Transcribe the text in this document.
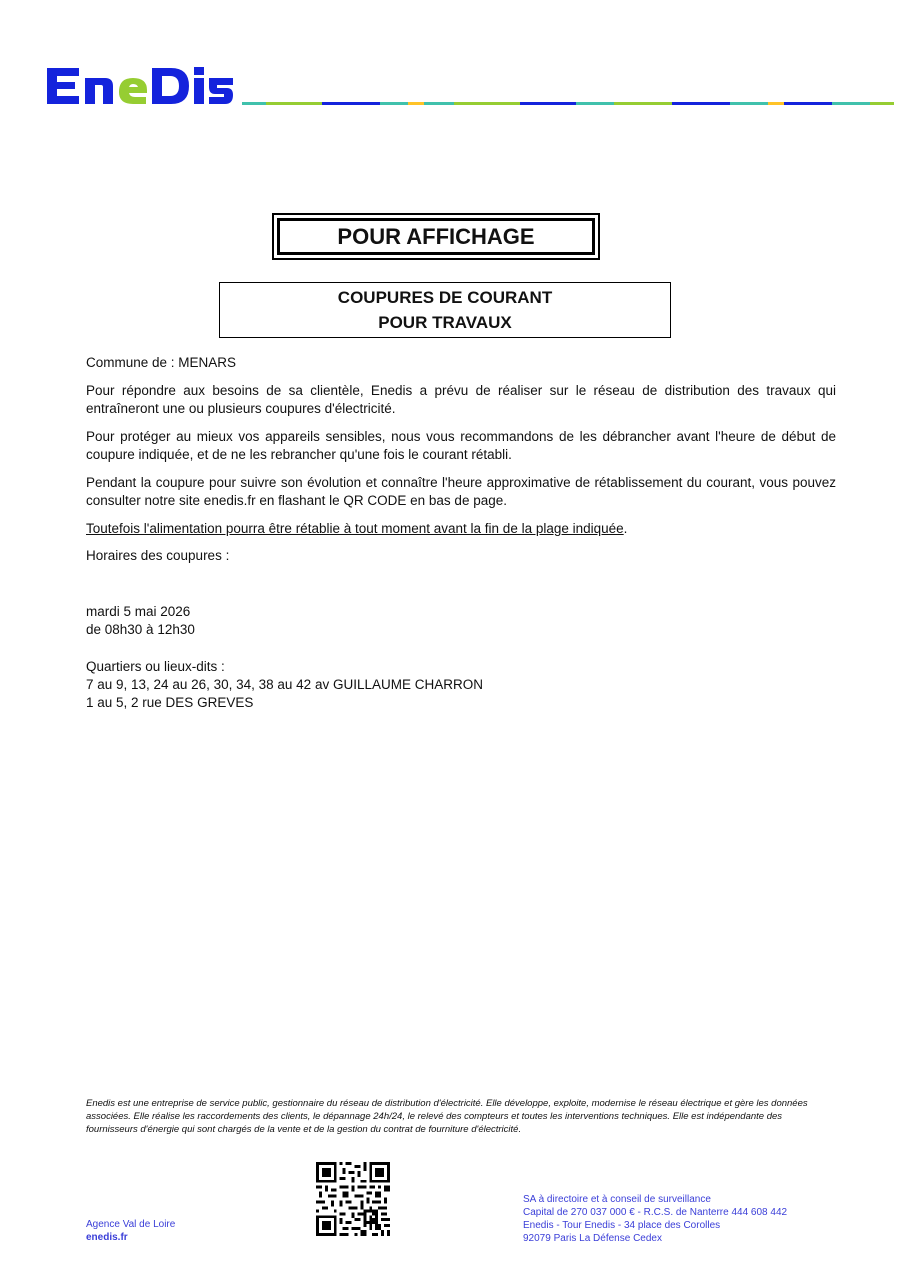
POUR AFFICHAGE
COUPURES DE COURANT
POUR TRAVAUX
Commune de : MENARS
Pour répondre aux besoins de sa clientèle, Enedis a prévu de réaliser sur le réseau de distribution des travaux qui entraîneront une ou plusieurs coupures d'électricité.
Pour protéger au mieux vos appareils sensibles, nous vous recommandons de les débrancher avant l'heure de début de coupure indiquée, et de ne les rebrancher qu'une fois le courant rétabli.
Pendant la coupure pour suivre son évolution et connaître l'heure approximative de rétablissement du courant, vous pouvez consulter notre site enedis.fr en flashant le QR CODE en bas de page.
Toutefois l'alimentation pourra être rétablie à tout moment avant la fin de la plage indiquée.
Horaires des coupures :
mardi 5 mai 2026
de 08h30 à 12h30
Quartiers ou lieux-dits :
7 au 9, 13, 24 au 26, 30, 34, 38 au 42 av GUILLAUME CHARRON
1 au 5, 2 rue DES GREVES
Enedis est une entreprise de service public, gestionnaire du réseau de distribution d'électricité. Elle développe, exploite, modernise le réseau électrique et gère les données associées. Elle réalise les raccordements des clients, le dépannage 24h/24, le relevé des compteurs et toutes les interventions techniques. Elle est indépendante des fournisseurs d'énergie qui sont chargés de la vente et de la gestion du contrat de fourniture d'électricité.
Agence Val de Loire
enedis.fr
SA à directoire et à conseil de surveillance
Capital de 270 037 000 € - R.C.S. de Nanterre 444 608 442
Enedis - Tour Enedis - 34 place des Corolles
92079 Paris La Défense Cedex
